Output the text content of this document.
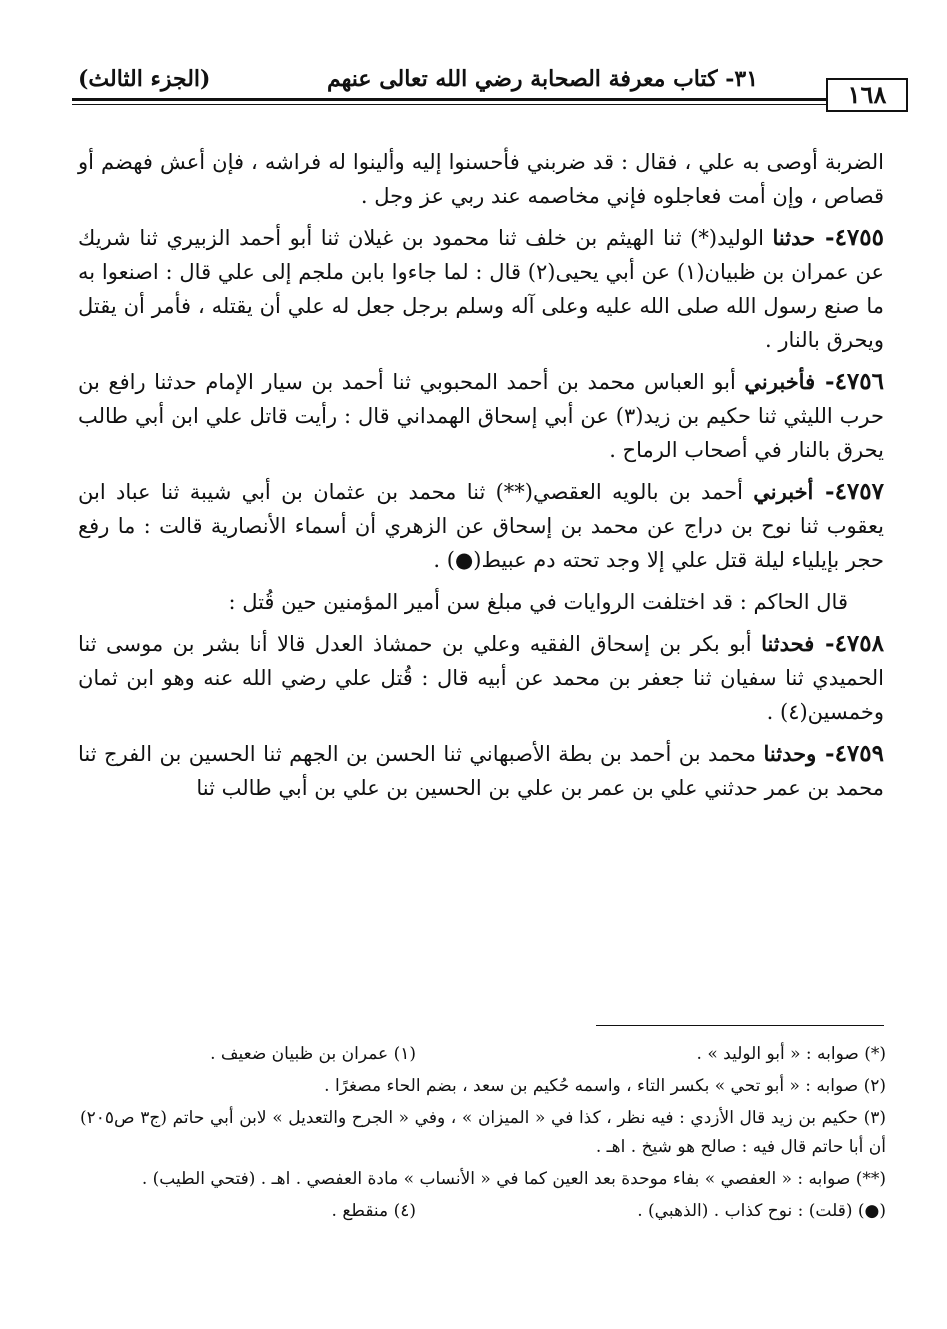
(الجزء الثالث)	٣١- كتاب معرفة الصحابة رضي الله تعالى عنهم
١٦٨

الضربة أوصى به علي ، فقال : قد ضربني فأحسنوا إليه وألينوا له فراشه ، فإن أعش فهضم أو قصاص ، وإن أمت فعاجلوه فإني مخاصمه عند ربي عز وجل .

٤٧٥٥- حدثنا الوليد(*) ثنا الهيثم بن خلف ثنا محمود بن غيلان ثنا أبو أحمد الزبيري ثنا شريك عن عمران بن ظبيان(١) عن أبي يحيى(٢) قال : لما جاءوا بابن ملجم إلى علي قال : اصنعوا به ما صنع رسول الله صلى الله عليه وعلى آله وسلم برجل جعل له علي أن يقتله ، فأمر أن يقتل ويحرق بالنار .

٤٧٥٦- فأخبرني أبو العباس محمد بن أحمد المحبوبي ثنا أحمد بن سيار الإمام حدثنا رافع بن حرب الليثي ثنا حكيم بن زيد(٣) عن أبي إسحاق الهمداني قال : رأيت قاتل علي ابن أبي طالب يحرق بالنار في أصحاب الرماح .

٤٧٥٧- أخبرني أحمد بن بالويه العقصي(**) ثنا محمد بن عثمان بن أبي شيبة ثنا عباد ابن يعقوب ثنا نوح بن دراج عن محمد بن إسحاق عن الزهري أن أسماء الأنصارية قالت : ما رفع حجر بإيلياء ليلة قتل علي إلا وجد تحته دم عبيط(●) .

قال الحاكم : قد اختلفت الروايات في مبلغ سن أمير المؤمنين حين قُتل :

٤٧٥٨- فحدثنا أبو بكر بن إسحاق الفقيه وعلي بن حمشاذ العدل قالا أنا بشر بن موسى ثنا الحميدي ثنا سفيان ثنا جعفر بن محمد عن أبيه قال : قُتل علي رضي الله عنه وهو ابن ثمان وخمسين(٤) .

٤٧٥٩- وحدثنا محمد بن أحمد بن بطة الأصبهاني ثنا الحسن بن الجهم ثنا الحسين بن الفرج ثنا محمد بن عمر حدثني علي بن عمر بن علي بن الحسين بن علي بن أبي طالب ثنا

(*) صوابه : « أبو الوليد » .
(١) عمران بن ظبيان ضعيف .

(٢) صوابه : « أبو تحي » بكسر التاء ، واسمه حُكيم بن سعد ، بضم الحاء مصغرًا .

(٣) حكيم بن زيد قال الأزدي : فيه نظر ، كذا في « الميزان » ، وفي « الجرح والتعديل » لابن أبي حاتم (ج٣ ص٢٠٥) أن أبا حاتم قال فيه : صالح هو شيخ . اهـ .

(**) صوابه : « العفصي » بفاء موحدة بعد العين كما في « الأنساب » مادة العفصي . اهـ . (فتحي الطيب) .

(●) (قلت) : نوح كذاب . (الذهبي) .
(٤) منقطع .
